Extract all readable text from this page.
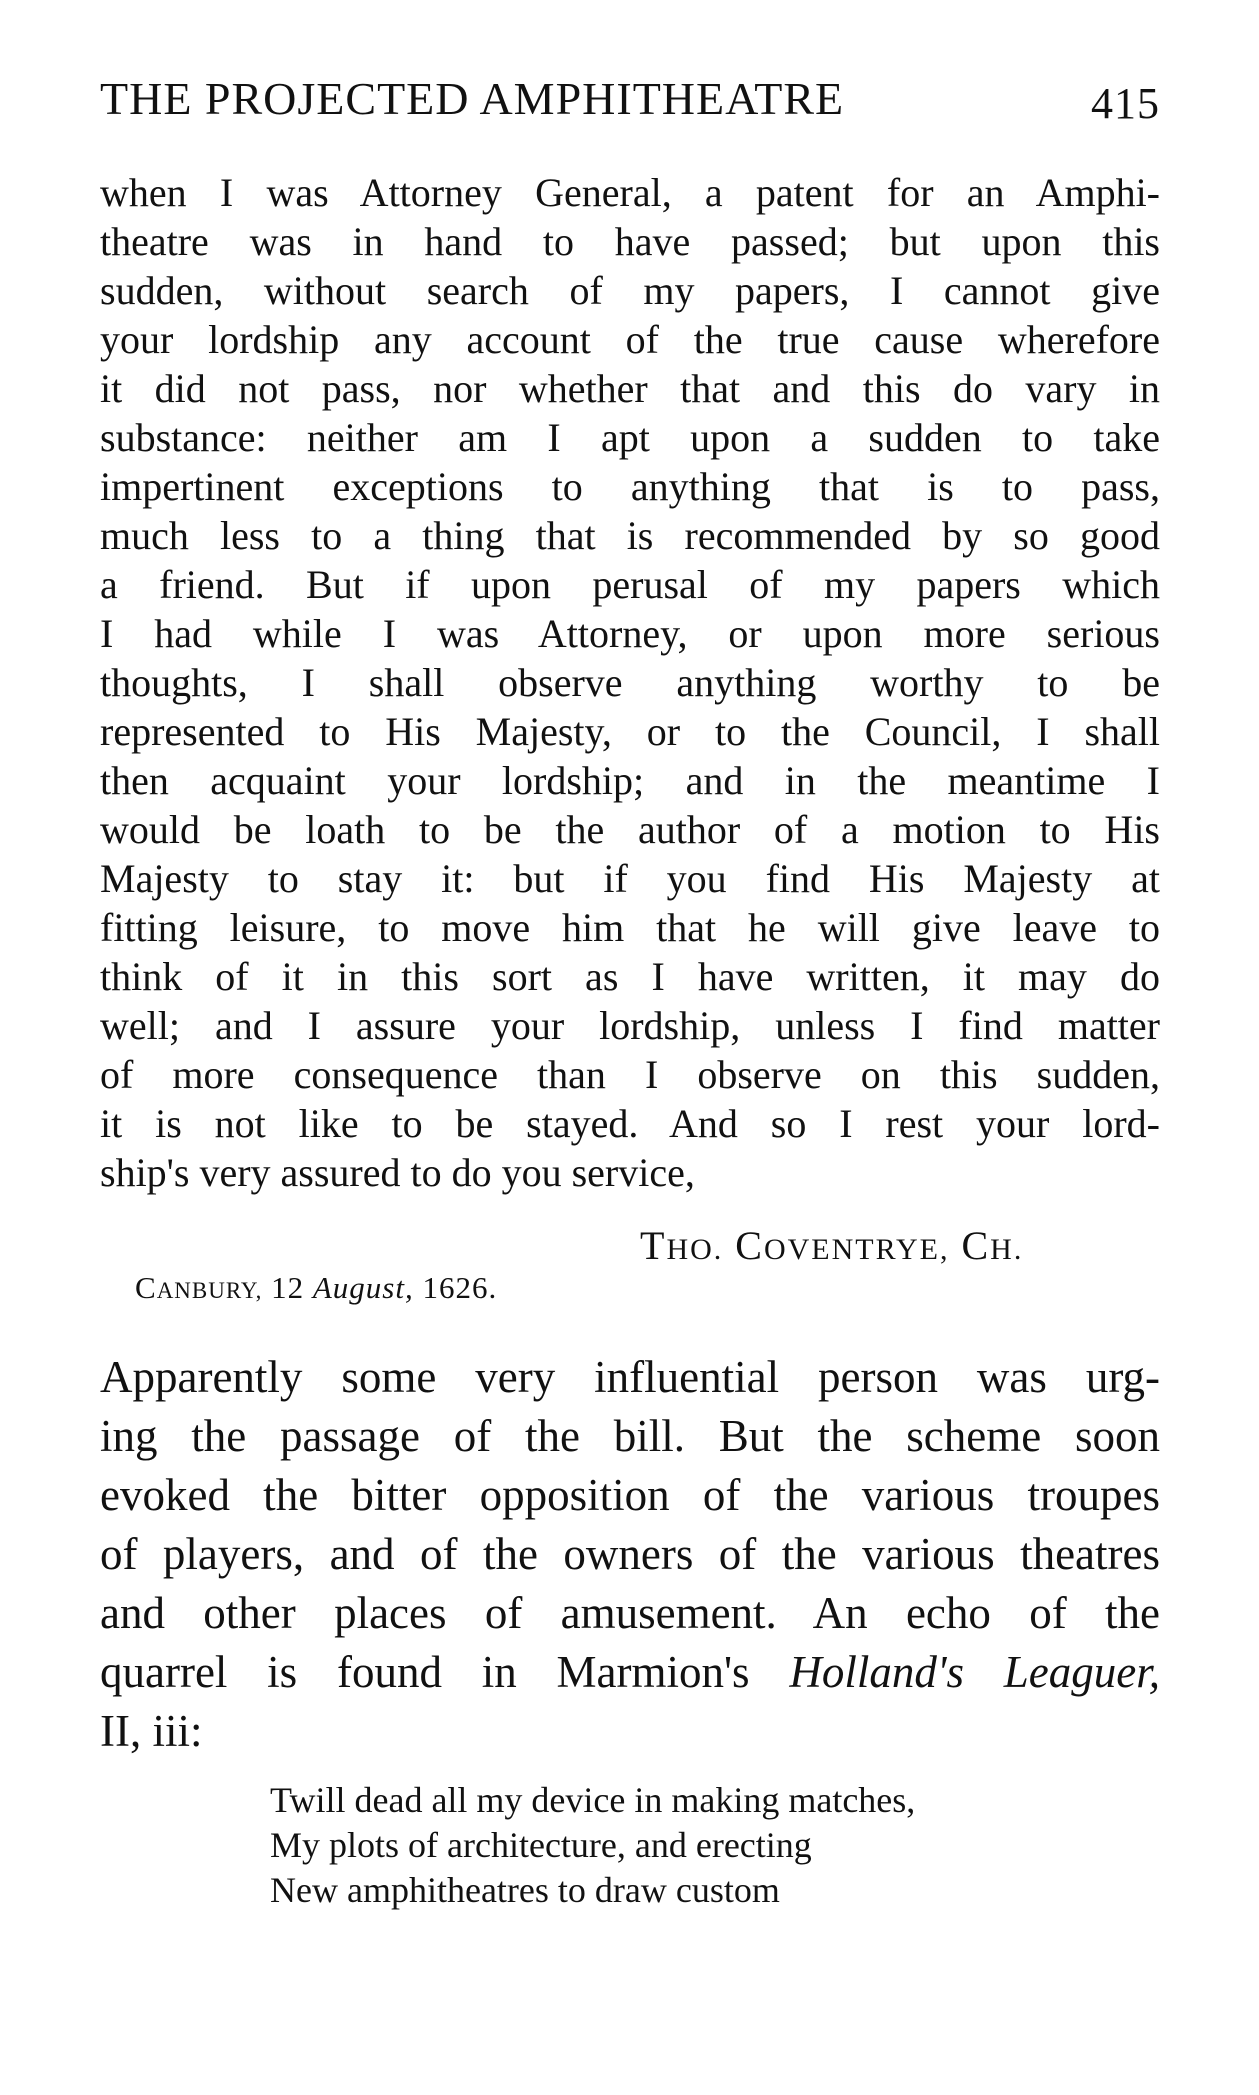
THE PROJECTED AMPHITHEATRE	415
when I was Attorney General, a patent for an Amphi-
theatre was in hand to have passed; but upon this
sudden, without search of my papers, I cannot give
your lordship any account of the true cause wherefore
it did not pass, nor whether that and this do vary in
substance: neither am I apt upon a sudden to take
impertinent exceptions to anything that is to pass,
much less to a thing that is recommended by so good
a friend. But if upon perusal of my papers which
I had while I was Attorney, or upon more serious
thoughts, I shall observe anything worthy to be
represented to His Majesty, or to the Council, I shall
then acquaint your lordship; and in the meantime I
would be loath to be the author of a motion to His
Majesty to stay it: but if you find His Majesty at
fitting leisure, to move him that he will give leave to
think of it in this sort as I have written, it may do
well; and I assure your lordship, unless I find matter
of more consequence than I observe on this sudden,
it is not like to be stayed. And so I rest your lord-
ship's very assured to do you service,
THO. COVENTRYE, CH.
CANBURY, 12 August, 1626.
Apparently some very influential person was urg-
ing the passage of the bill. But the scheme soon
evoked the bitter opposition of the various troupes
of players, and of the owners of the various theatres
and other places of amusement. An echo of the
quarrel is found in Marmion's Holland's Leaguer,
II, iii:
Twill dead all my device in making matches,
My plots of architecture, and erecting
New amphitheatres to draw custom
